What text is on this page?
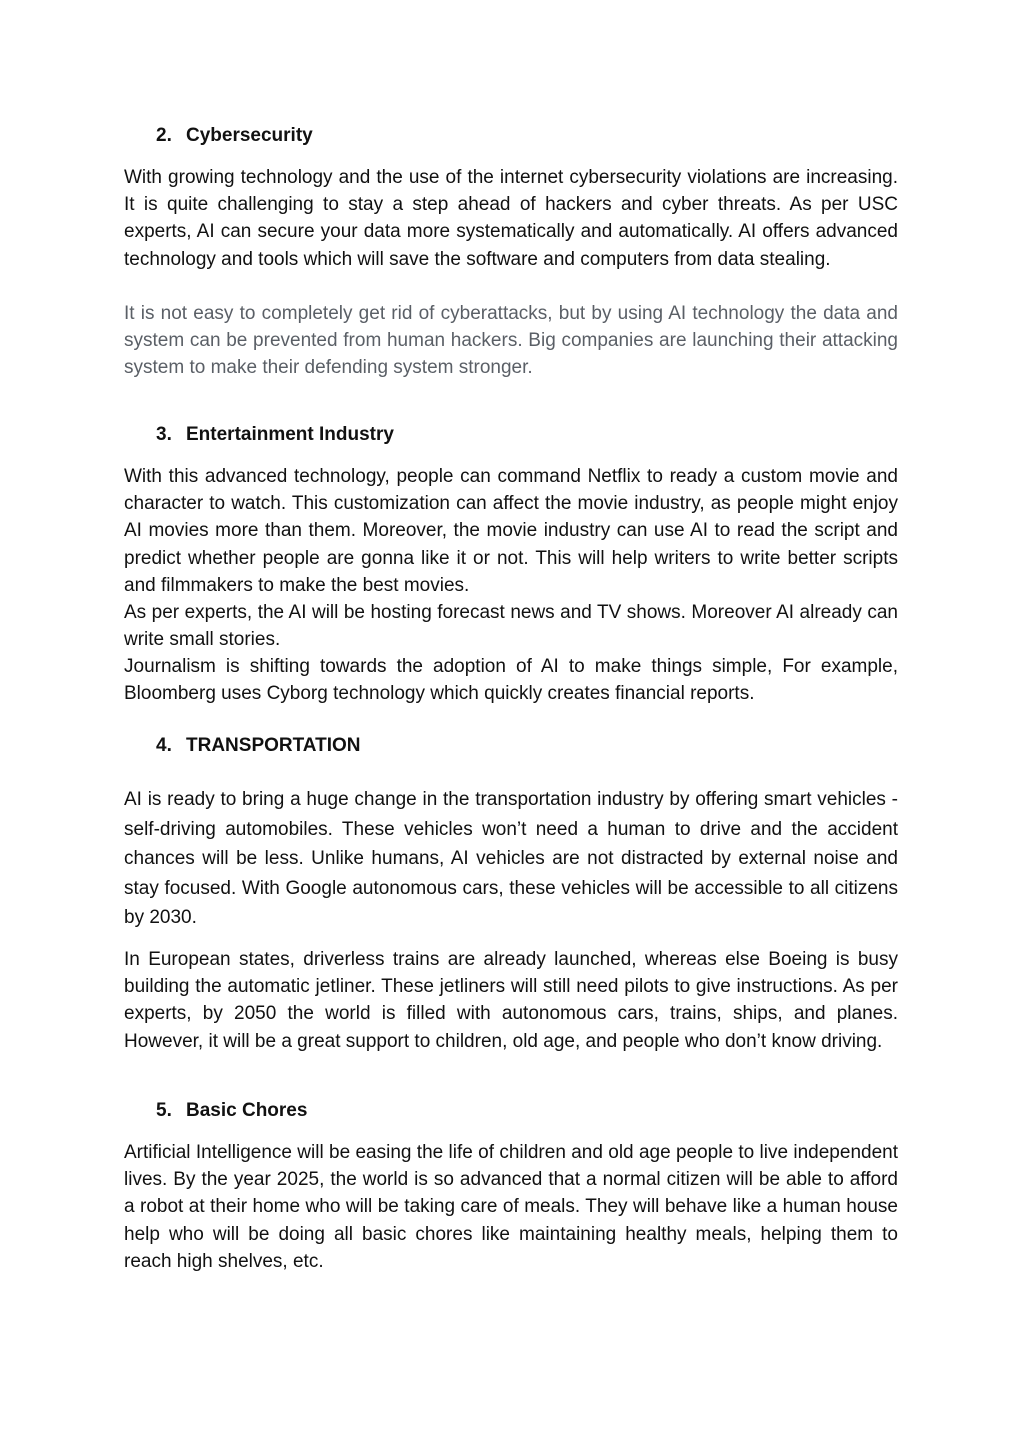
2. Cybersecurity

With growing technology and the use of the internet cybersecurity violations are increasing. It is quite challenging to stay a step ahead of hackers and cyber threats. As per USC experts, AI can secure your data more systematically and automatically. AI offers advanced technology and tools which will save the software and computers from data stealing.

It is not easy to completely get rid of cyberattacks, but by using AI technology the data and system can be prevented from human hackers. Big companies are launching their attacking system to make their defending system stronger.

3. Entertainment Industry

With this advanced technology, people can command Netflix to ready a custom movie and character to watch. This customization can affect the movie industry, as people might enjoy AI movies more than them. Moreover, the movie industry can use AI to read the script and predict whether people are gonna like it or not. This will help writers to write better scripts and filmmakers to make the best movies.

As per experts, the AI will be hosting forecast news and TV shows. Moreover AI already can write small stories.

Journalism is shifting towards the adoption of AI to make things simple, For example, Bloomberg uses Cyborg technology which quickly creates financial reports.

4. TRANSPORTATION

AI is ready to bring a huge change in the transportation industry by offering smart vehicles - self-driving automobiles. These vehicles won’t need a human to drive and the accident chances will be less. Unlike humans, AI vehicles are not distracted by external noise and stay focused. With Google autonomous cars, these vehicles will be accessible to all citizens by 2030.

In European states, driverless trains are already launched, whereas else Boeing is busy building the automatic jetliner. These jetliners will still need pilots to give instructions. As per experts, by 2050 the world is filled with autonomous cars, trains, ships, and planes. However, it will be a great support to children, old age, and people who don’t know driving.

5. Basic Chores

Artificial Intelligence will be easing the life of children and old age people to live independent lives. By the year 2025, the world is so advanced that a normal citizen will be able to afford a robot at their home who will be taking care of meals. They will behave like a human house help who will be doing all basic chores like maintaining healthy meals, helping them to reach high shelves, etc.
